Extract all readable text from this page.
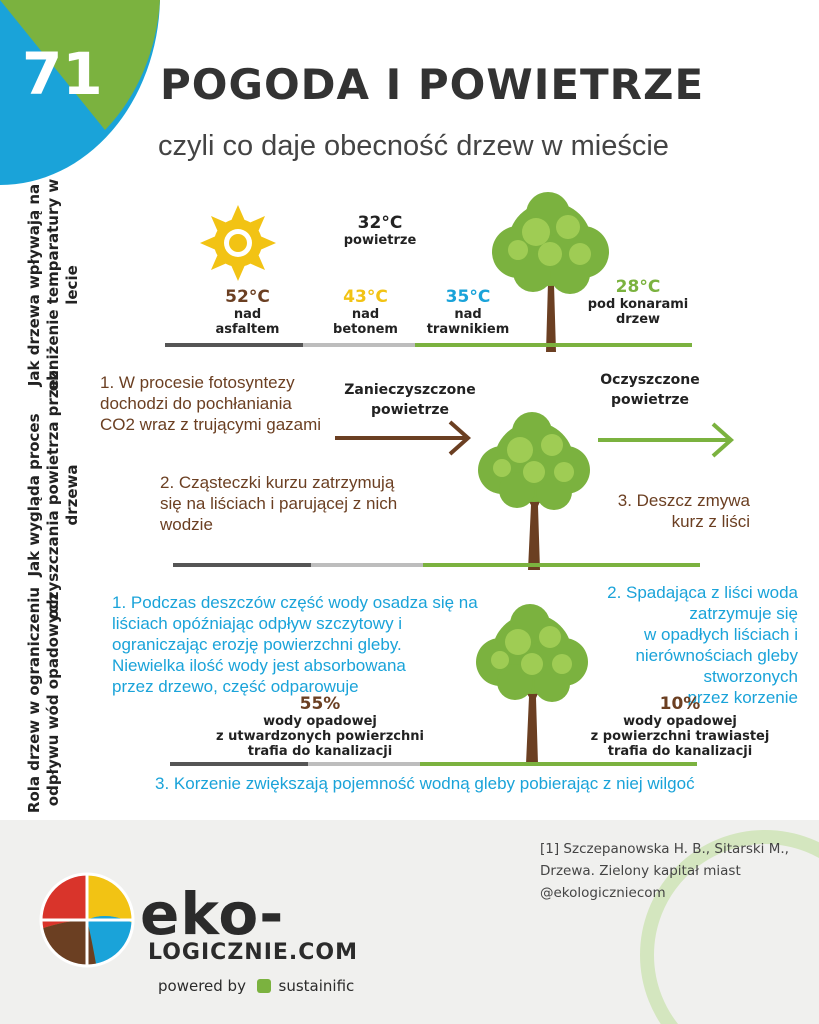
71 POGODA I POWIETRZE
czyli co daje obecność drzew w mieście
Jak drzewa wpływają na obniżenie temparatury w lecie
32°C
powietrze
52°C
nad
asfaltem
43°C
nad
betonem
35°C
nad
trawnikiem
28°C
pod konarami
drzew
Jak wygląda proces oczyszczania powietrza przez drzewa
1. W procesie fotosyntezy
dochodzi do pochłaniania
CO2 wraz z trującymi gazami
Zanieczyszczone
powietrze
Oczyszczone
powietrze
2. Cząsteczki kurzu zatrzymują
się na liściach i parującej z nich
wodzie
3. Deszcz zmywa
kurz z liści
Rola drzew w ograniczeniu odpływu wód opadowych	1. Podczas deszczów część wody osadza się na
liściach opóźniając odpływ szczytowy i
ograniczając erozję powierzchni gleby.
Niewielka ilość wody jest absorbowana
przez drzewo, część odparowuje
2. Spadająca z liści woda
zatrzymuje się
w opadłych liściach i
nierównościach gleby
stworzonych
przez korzenie
55%
wody opadowej
z utwardzonych powierzchni
trafia do kanalizacji
10%
wody opadowej
z powierzchni trawiastej
trafia do kanalizacji
3. Korzenie zwiększają pojemność wodną gleby pobierając z niej wilgoć
[1] Szczepanowska H. B., Sitarski M.,
Drzewa. Zielony kapitał miast
@ekologiczniecom
eko-
LOGICZNIE.COM
powered by sustainific
